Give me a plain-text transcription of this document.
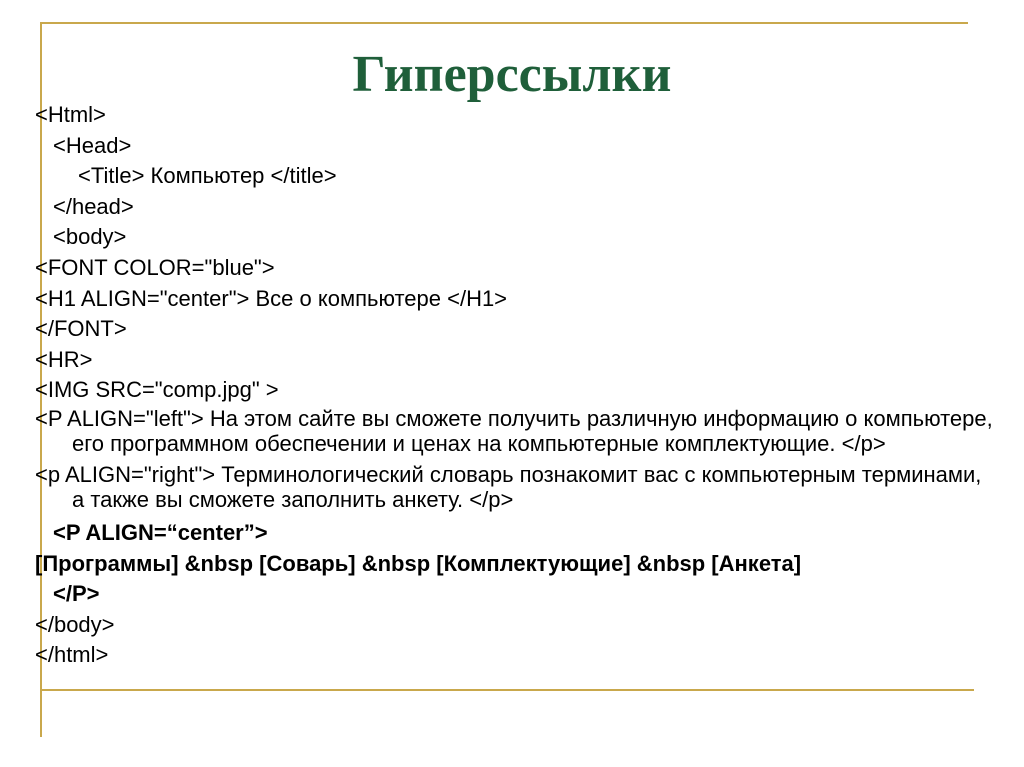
Гиперссылки
<Html>
<Head>
<Title> Компьютер </title>
</head>
<body>
<FONT COLOR="blue">
<H1 ALIGN="center"> Все о компьютере </H1>
</FONT>
<HR>
<IMG SRC="comp.jpg" >
<P ALIGN="left"> На этом сайте вы сможете получить различную информацию о компьютере, его программном обеспечении и ценах на компьютерные комплектующие. </p>
<p ALIGN="right"> Терминологический словарь познакомит вас с компьютерным терминами, а также вы сможете заполнить анкету. </p>
<P ALIGN=“center”>
[Программы] &nbsp [Соварь] &nbsp [Комплектующие] &nbsp [Анкета]
</P>
</body>
</html>
